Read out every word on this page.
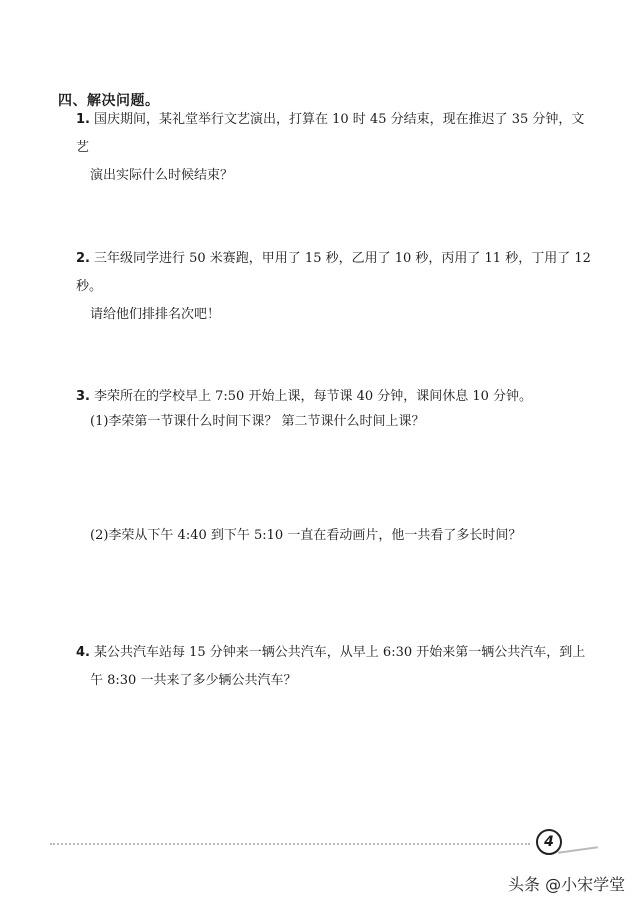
四、解决问题。
1. 国庆期间，某礼堂举行文艺演出，打算在 10 时 45 分结束，现在推迟了 35 分钟，文艺
演出实际什么时候结束？
2. 三年级同学进行 50 米赛跑，甲用了 15 秒，乙用了 10 秒，丙用了 11 秒，丁用了 12 秒。
请给他们排排名次吧！
3. 李荣所在的学校早上 7:50 开始上课，每节课 40 分钟，课间休息 10 分钟。
(1)李荣第一节课什么时间下课？ 第二节课什么时间上课？
(2)李荣从下午 4:40 到下午 5:10 一直在看动画片，他一共看了多长时间？
4. 某公共汽车站每 15 分钟来一辆公共汽车，从早上 6:30 开始来第一辆公共汽车，到上
午 8:30 一共来了多少辆公共汽车？
4
头条 @小宋学堂
